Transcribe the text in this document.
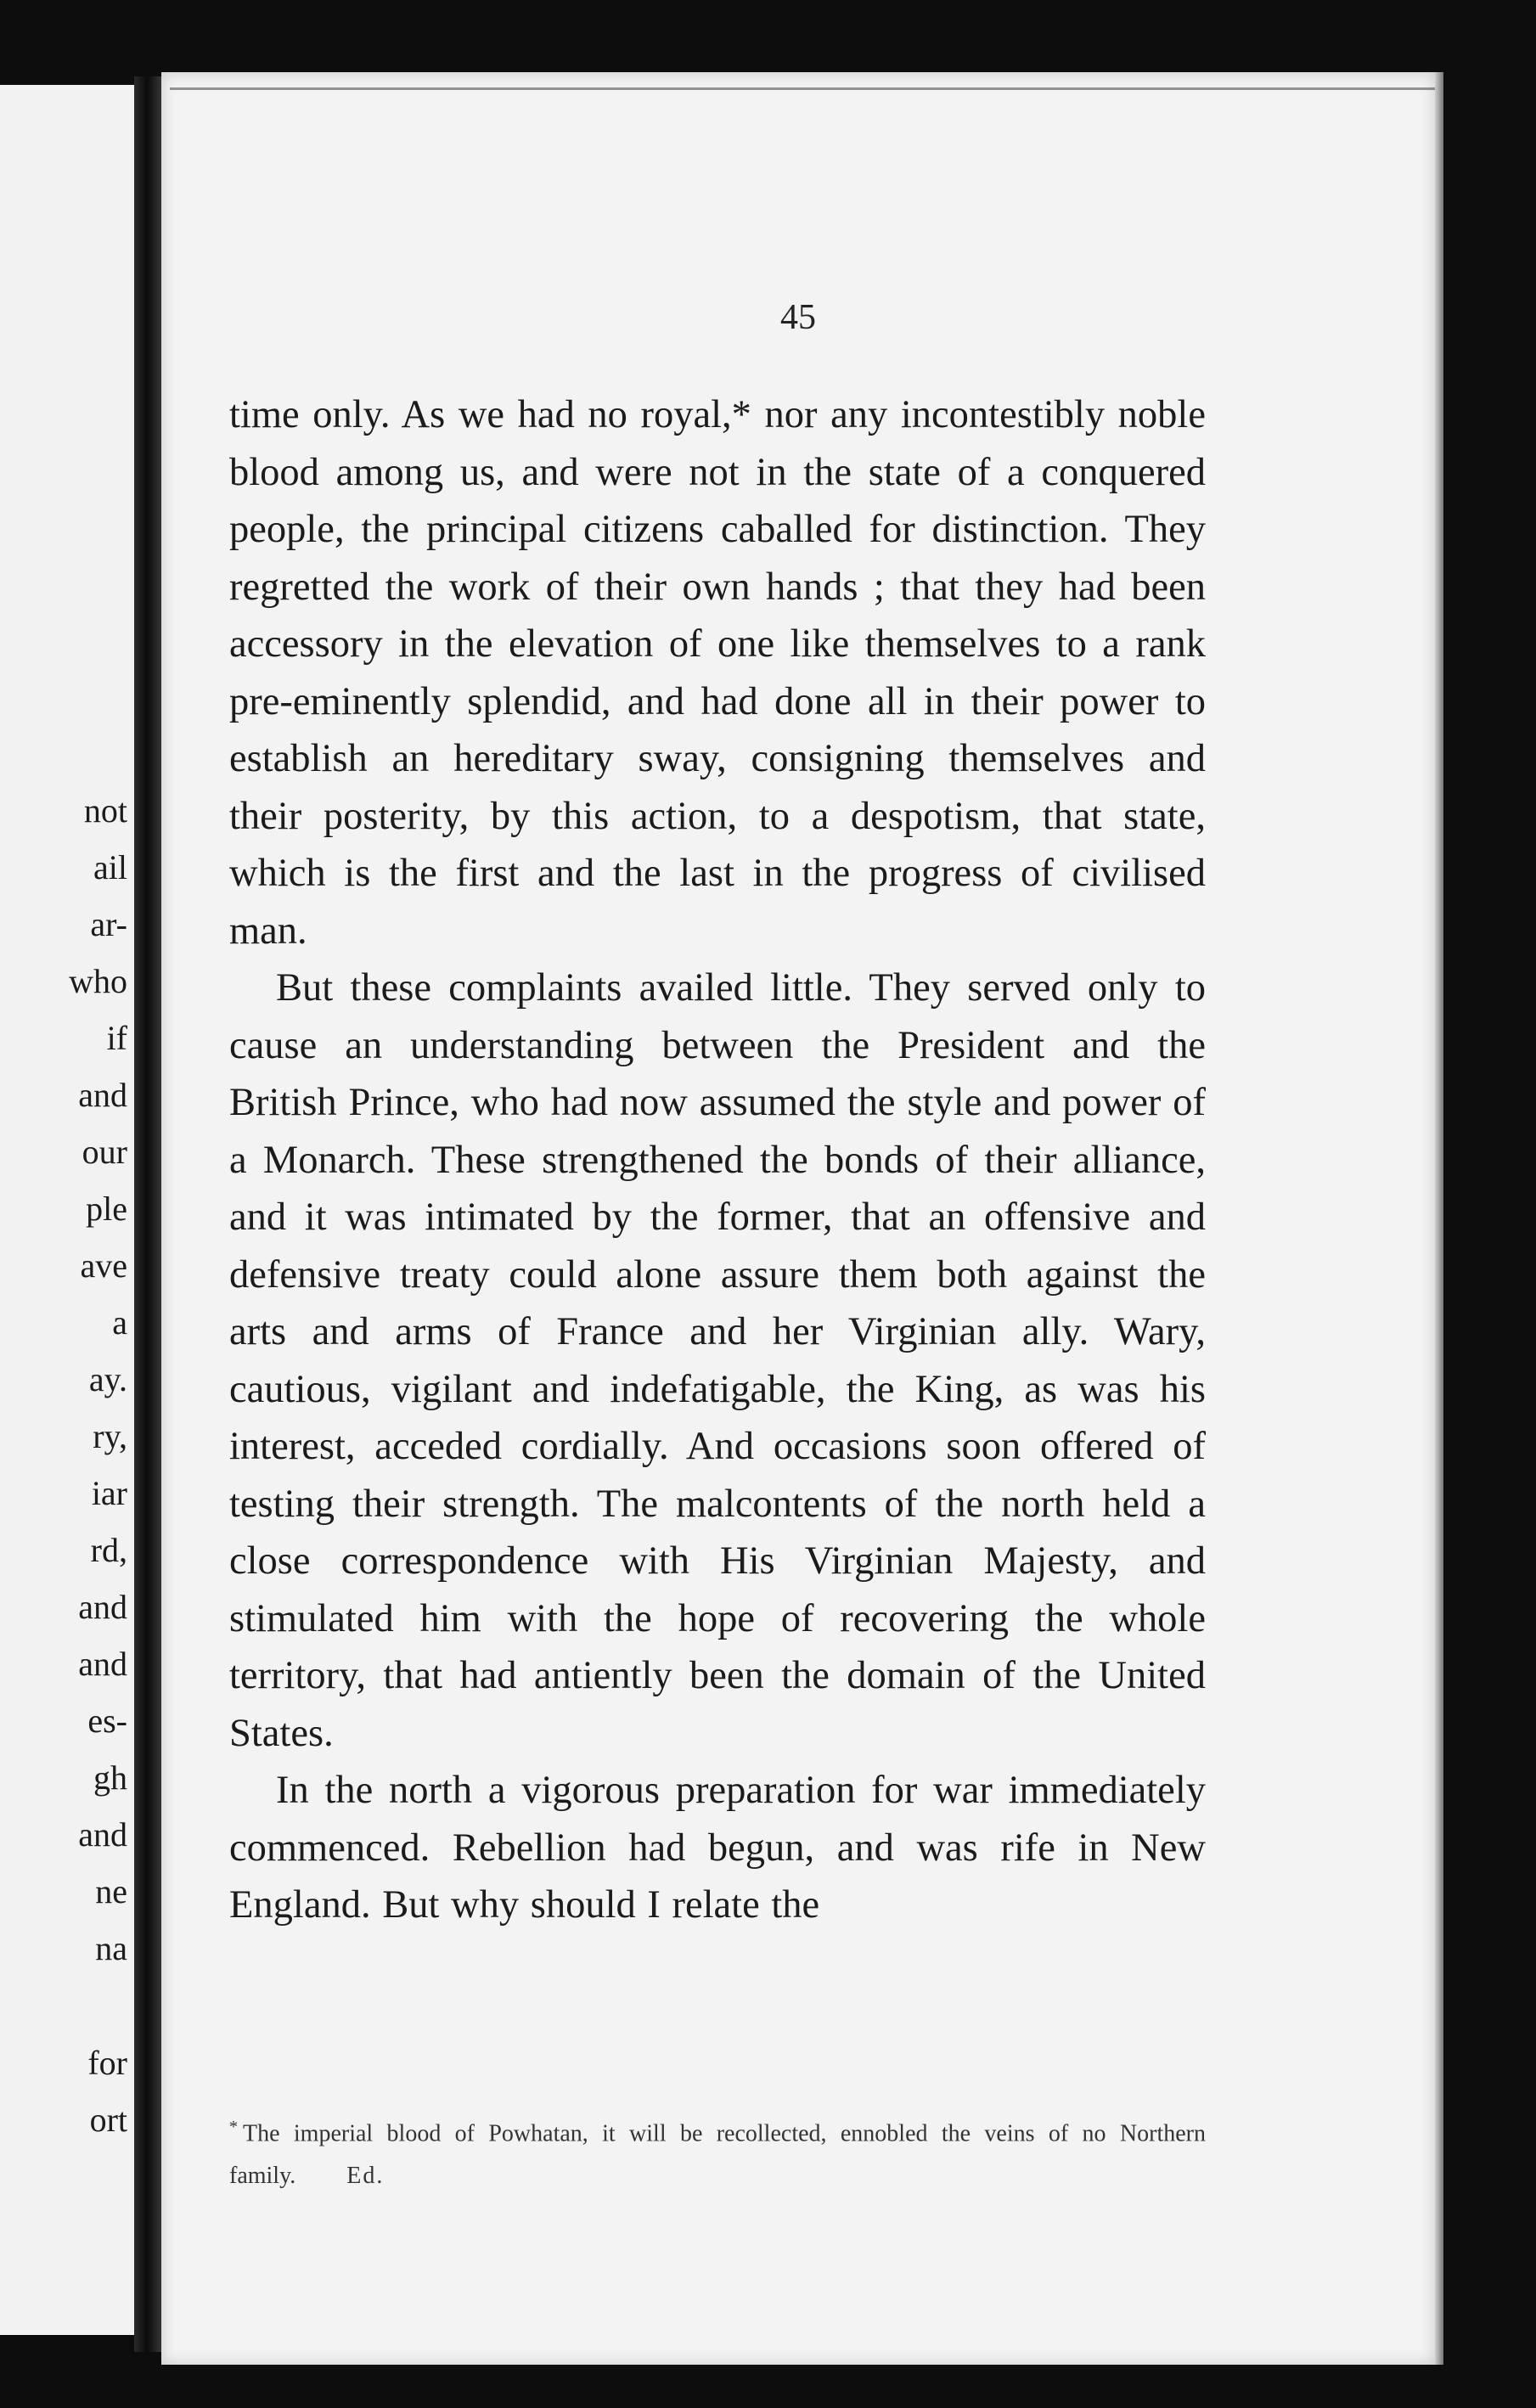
not
ail
ar-
who
if
and
our
ple
ave
a
ay.
ry,
iar
rd,
and
and
es-
gh
and
ne
na
for
ort
45

time only. As we had no royal,* nor any incontestibly noble blood among us, and were not in the state of a conquered people, the principal citizens caballed for distinction. They regretted the work of their own hands ; that they had been accessory in the elevation of one like themselves to a rank pre-eminently splendid, and had done all in their power to establish an hereditary sway, consigning themselves and their posterity, by this action, to a despotism, that state, which is the first and the last in the progress of civilised man.

But these complaints availed little. They served only to cause an understanding between the President and the British Prince, who had now assumed the style and power of a Monarch. These strengthened the bonds of their alliance, and it was intimated by the former, that an offensive and defensive treaty could alone assure them both against the arts and arms of France and her Virginian ally. Wary, cautious, vigilant and indefatigable, the King, as was his interest, acceded cordially. And occasions soon offered of testing their strength. The malcontents of the north held a close correspondence with His Virginian Majesty, and stimulated him with the hope of recovering the whole territory, that had antiently been the domain of the United States.

In the north a vigorous preparation for war immediately commenced. Rebellion had begun, and was rife in New England. But why should I relate the

* The imperial blood of Powhatan, it will be recollected, ennobled the veins of no Northern family. Ed.
